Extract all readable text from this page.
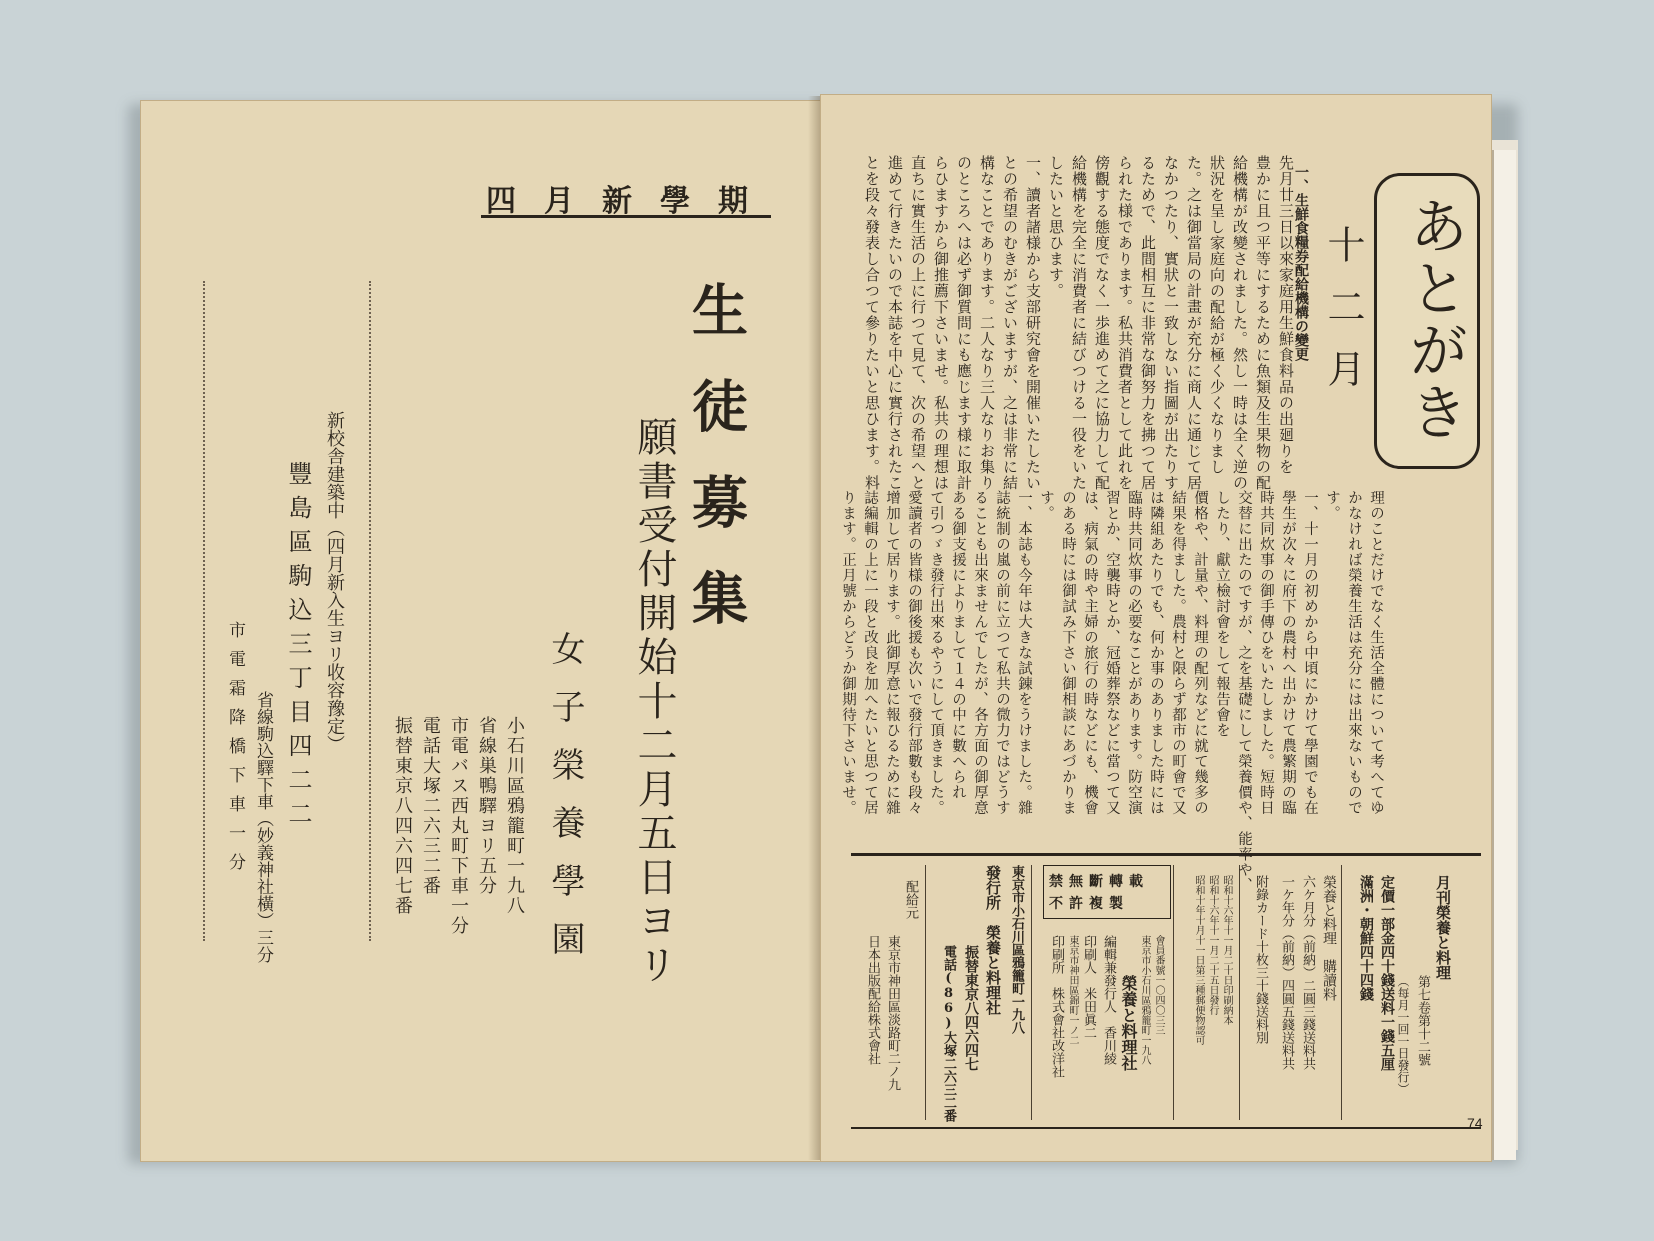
四月新學期
生徒募集
願書受付開始十二月五日ヨリ
女子榮養學園
小石川區鴉籠町一九八
省線巣鴨驛ヨリ五分
市電バス西丸町下車一分
電話大塚二六三二番
振替東京八四六四七番
新校舎建築中（四月新入生ヨリ收容豫定）
豐島區駒込三丁目四二二
省線駒込驛下車（妙義神社橫）三分
市電霜降橋下車一分
あとがき
十二月
一、生鮮食糧券配給機構の變更
月刊榮養と料理
第七卷第十二號
（每月一回一日發行）
定價一部金四十錢送料一錢五厘
滿洲・朝鮮四十四錢
榮養と料理　購讀料
六ケ月分（前納）二圓三錢送料共
一ケ年分（前納）四圓五錢送料共
附錄カード十枚三十錢送料別
昭和十六年十一月二十日印刷納本
昭和十六年十一月二十五日發行
昭和十年十月十一日第三種郵便物認可
會員番號一〇四〇三三
東京市小石川區鴉籠町一九八
榮養と料理社
編輯兼發行人　香川綾
印刷人　米田眞二
東京市神田區錦町一ノ二
印刷所　株式會社改洋社
禁無斷轉載
不許複製
東京市小石川區鴉籠町一九八
發行所　榮養と料理社
振替東京八四六四七
電話(86)大塚二六三二番
配給元
東京市神田區淡路町二ノ九
日本出版配給株式會社
74
先月廿三日以來家庭用生鮮食料品の出廻りを
豊かに且つ平等にするために魚類及生果物の配
給機構が改變されました。然し一時は全く逆の
狀況を呈し家庭向の配給が極く少くなりまし
た。之は御當局の計畫が充分に商人に通じて居
なかつたり、實狀と一致しない指圖が出たりす
るためで、此間相互に非常な御努力を拂つて居
られた様であります。私共消費者として此れを
傍觀する態度でなく一歩進めて之に協力して配
給機構を完全に消費者に結びつける一役をいた
したいと思ひます。
一、讀者諸様から支部研究會を開催いたしたい
との希望のむきがございますが、之は非常に結
構なことであります。二人なり三人なりお集り
のところへは必ず御質問にも應じます様に取計
らひますから御推薦下さいませ。私共の理想は
直ちに實生活の上に行つて見て、次の希望へと
進めて行きたいので本誌を中心に實行されたこ
とを段々發表し合つて參りたいと思ひます。料
理のことだけでなく生活全體について考へてゆ
かなければ榮養生活は充分には出來ないもので
す。
一、十一月の初めから中頃にかけて學園でも在
學生が次々に府下の農村へ出かけて農繁期の臨
時共同炊事の御手傳ひをいたしました。短時日
交替に出たのですが、之を基礎にして榮養價や、能率や、
したり、獻立檢討會をして報告會を
價格や、計量や、料理の配列などに就て幾多の
結果を得ました。農村と限らず都市の町會で又
は隣組あたりでも、何か事のありました時には
臨時共同炊事の必要なことがあります。防空演
習とか、空襲時とか、冠婚葬祭などに當つて又
は、病氣の時や主婦の旅行の時などにも、機會
のある時には御試み下さい御相談にあづかりま
す。
一、本誌も今年は大きな試錬をうけました。雜
誌統制の嵐の前に立つて私共の微力ではどうす
ることも出來ませんでしたが、各方面の御厚意
ある御支援によりまして１４の中に數へられ
て引つゞき發行出來るやうにして頂きました。
愛讀者の皆様の御後援も次いで發行部數も段々
增加して居ります。此御厚意に報ひるために雜
誌編輯の上に一段と改良を加へたいと思つて居
ります。正月號からどうか御期待下さいませ。
